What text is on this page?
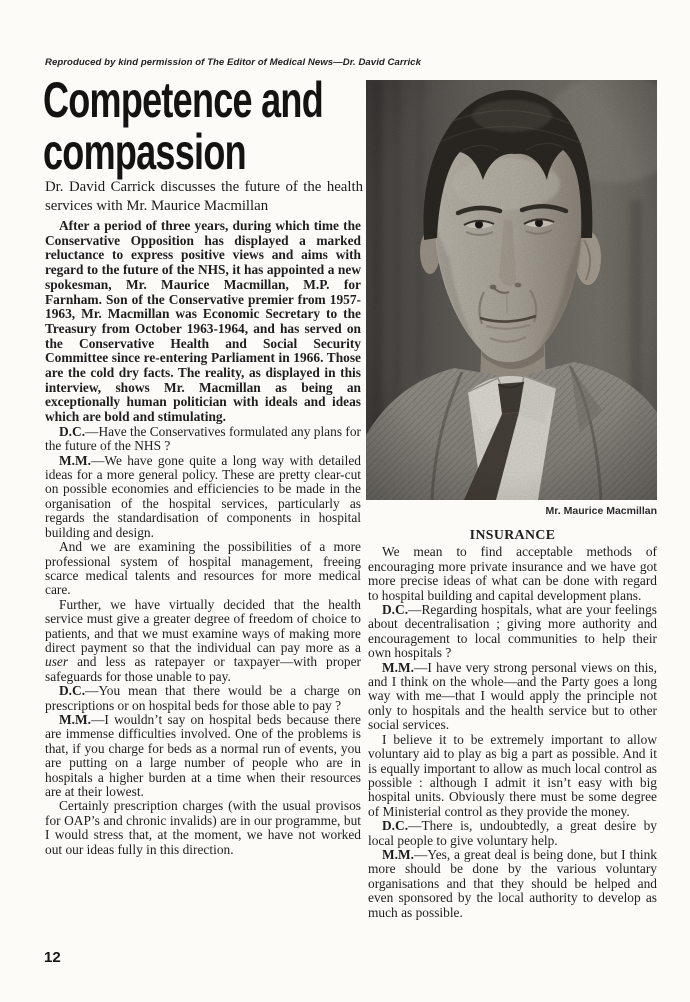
Reproduced by kind permission of The Editor of Medical News—Dr. David Carrick
Competence and compassion
Dr. David Carrick discusses the future of the health services with Mr. Maurice Macmillan

After a period of three years, during which time the Conservative Opposition has displayed a marked reluctance to express positive views and aims with regard to the future of the NHS, it has appointed a new spokesman, Mr. Maurice Macmillan, M.P. for Farnham. Son of the Conservative premier from 1957-1963, Mr. Macmillan was Economic Secretary to the Treasury from October 1963-1964, and has served on the Conservative Health and Social Security Committee since re-entering Parliament in 1966. Those are the cold dry facts. The reality, as displayed in this interview, shows Mr. Macmillan as being an exceptionally human politician with ideals and ideas which are bold and stimulating.

D.C.—Have the Conservatives formulated any plans for the future of the NHS ?

M.M.—We have gone quite a long way with detailed ideas for a more general policy. These are pretty clear-cut on possible economies and efficiencies to be made in the organisation of the hospital services, particularly as regards the standardisation of components in hospital building and design.

And we are examining the possibilities of a more professional system of hospital management, freeing scarce medical talents and resources for more medical care.

Further, we have virtually decided that the health service must give a greater degree of freedom of choice to patients, and that we must examine ways of making more direct payment so that the individual can pay more as a user and less as ratepayer or taxpayer—with proper safeguards for those unable to pay.

D.C.—You mean that there would be a charge on prescriptions or on hospital beds for those able to pay ?

M.M.—I wouldn’t say on hospital beds because there are immense difficulties involved. One of the problems is that, if you charge for beds as a normal run of events, you are putting on a large number of people who are in hospitals a higher burden at a time when their resources are at their lowest.

Certainly prescription charges (with the usual provisos for OAP’s and chronic invalids) are in our programme, but I would stress that, at the moment, we have not worked out our ideas fully in this direction.

Mr. Maurice Macmillan

INSURANCE

We mean to find acceptable methods of encouraging more private insurance and we have got more precise ideas of what can be done with regard to hospital building and capital development plans.

D.C.—Regarding hospitals, what are your feelings about decentralisation ; giving more authority and encouragement to local communities to help their own hospitals ?

M.M.—I have very strong personal views on this, and I think on the whole—and the Party goes a long way with me—that I would apply the principle not only to hospitals and the health service but to other social services.

I believe it to be extremely important to allow voluntary aid to play as big a part as possible. And it is equally important to allow as much local control as possible : although I admit it isn’t easy with big hospital units. Obviously there must be some degree of Ministerial control as they provide the money.

D.C.—There is, undoubtedly, a great desire by local people to give voluntary help.

M.M.—Yes, a great deal is being done, but I think more should be done by the various voluntary organisations and that they should be helped and even sponsored by the local authority to develop as much as possible.

12
